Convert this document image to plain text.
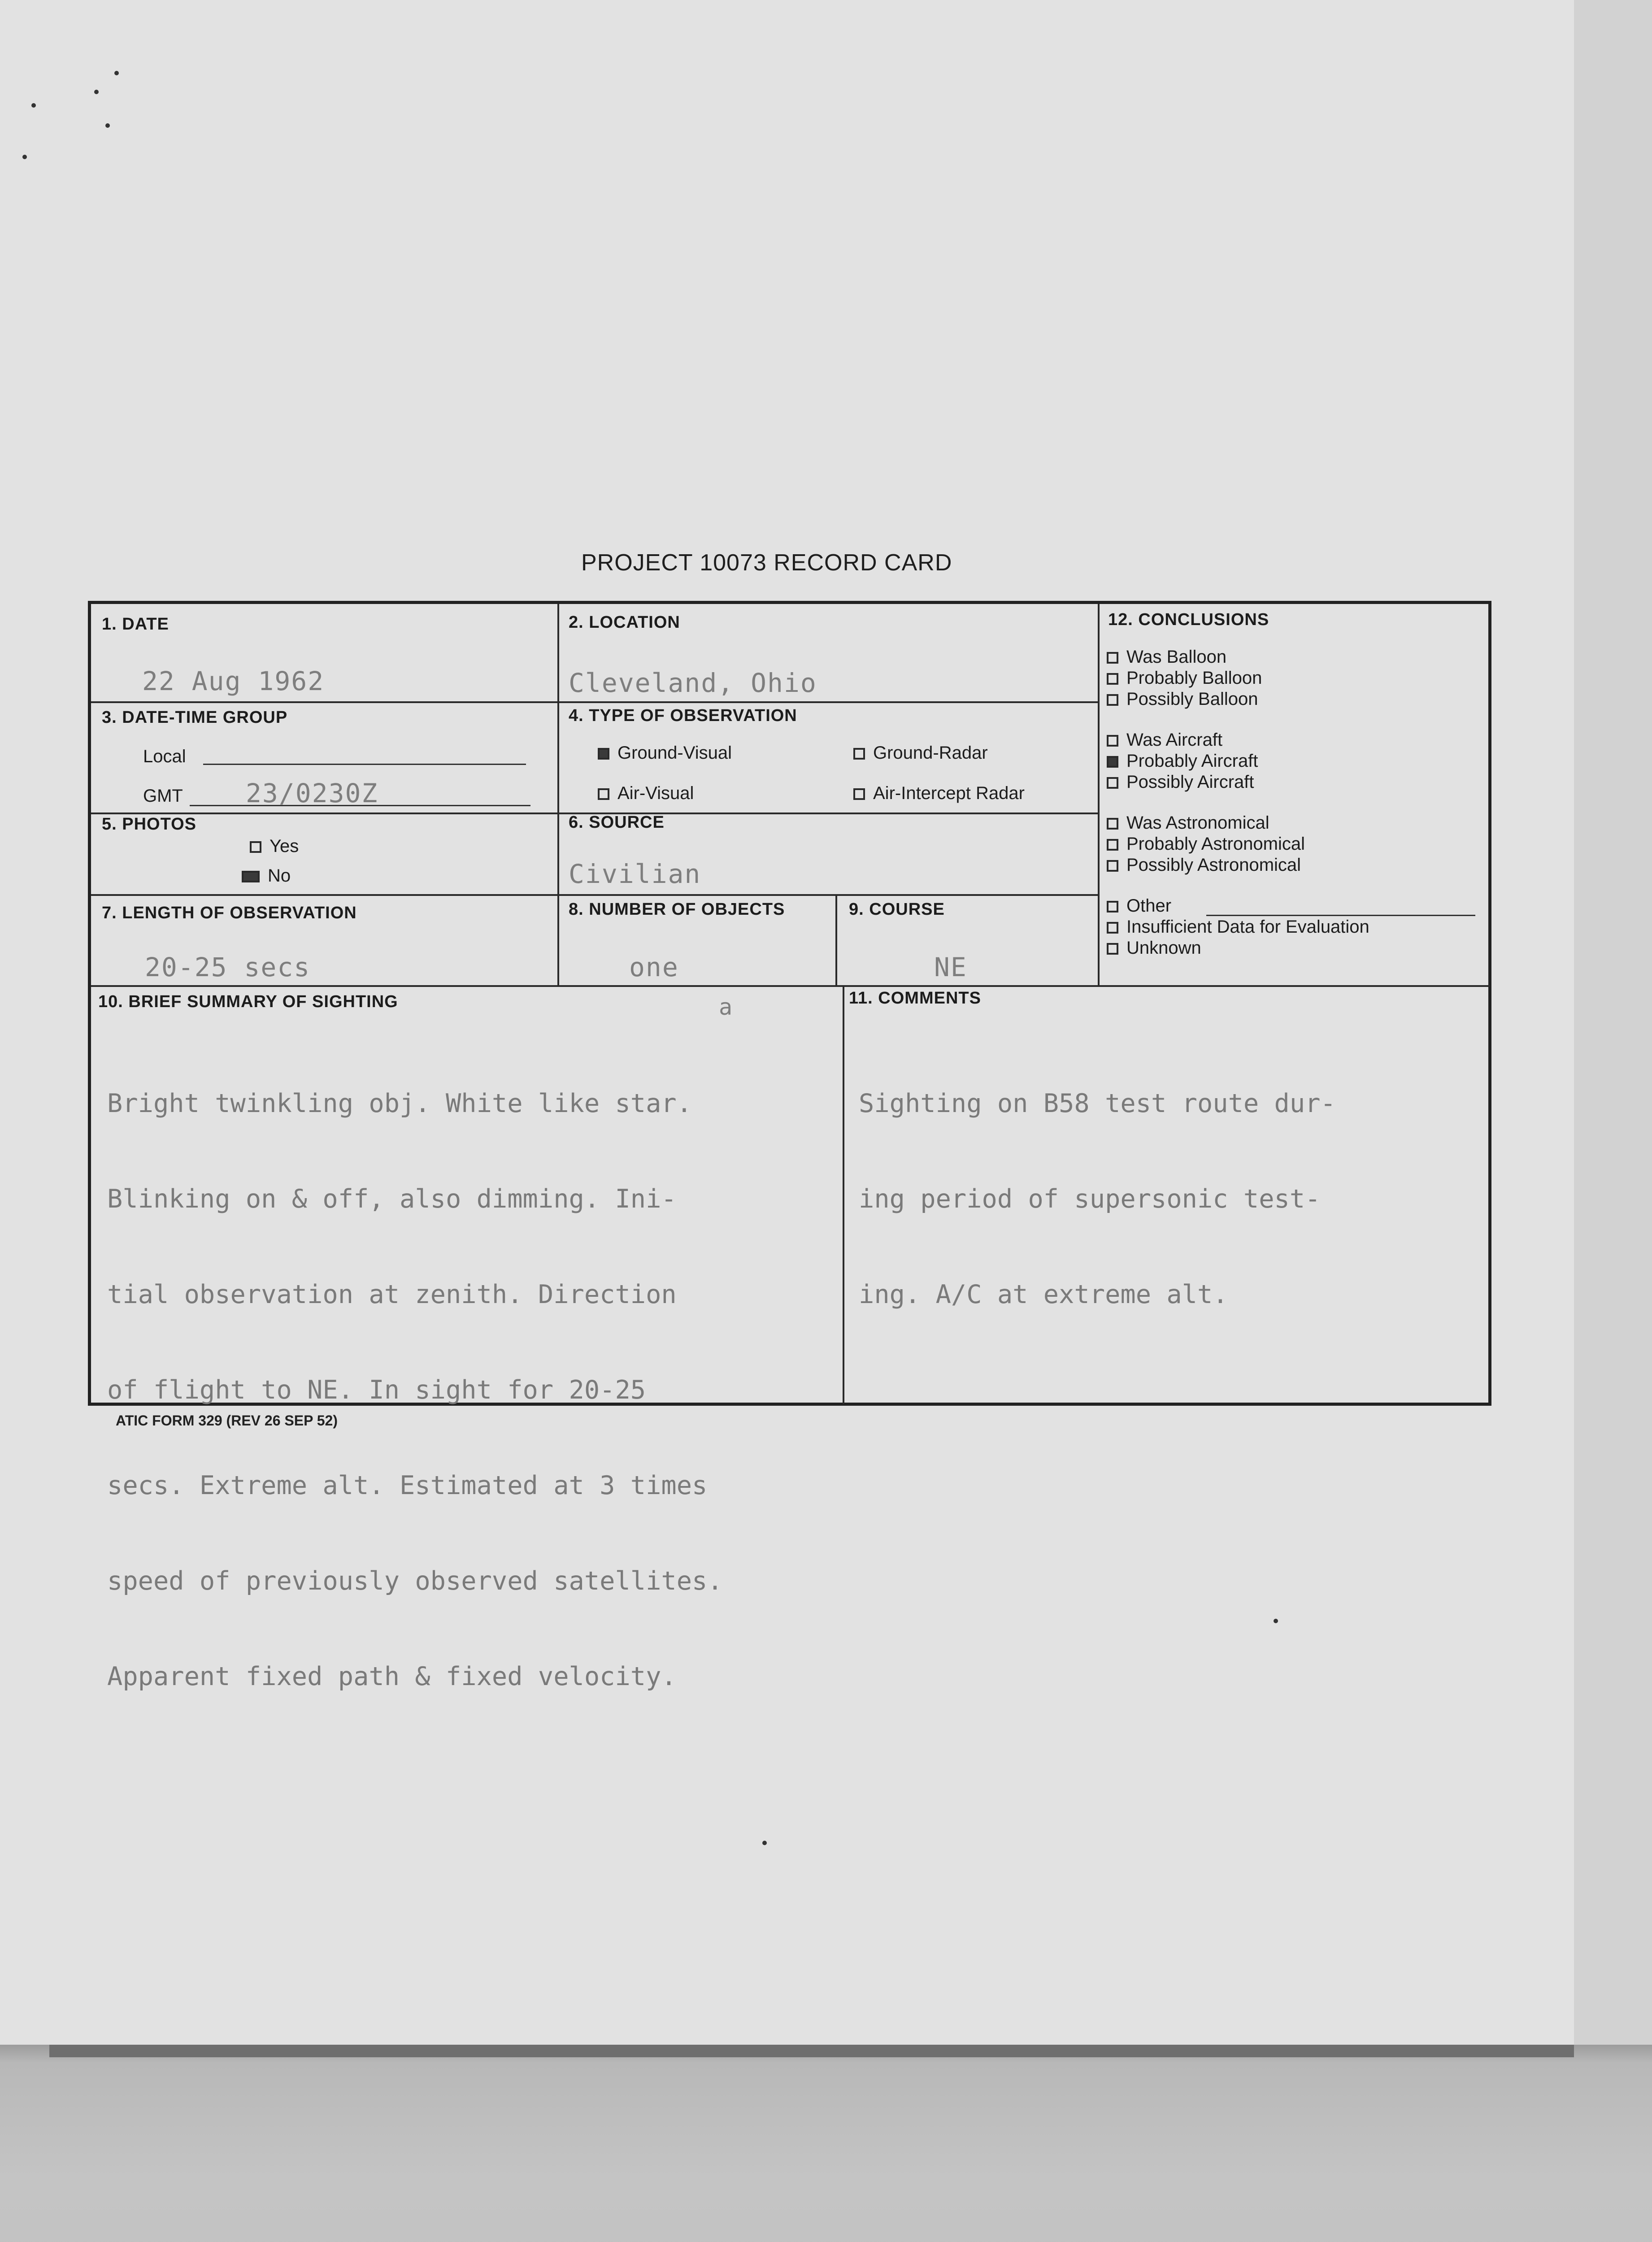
PROJECT 10073 RECORD CARD
1. DATE
22 Aug 1962
2. LOCATION
Cleveland, Ohio
3. DATE-TIME GROUP
Local
GMT 23/0230Z
4. TYPE OF OBSERVATION
Ground-Visual	Ground-Radar
Air-Visual	Air-Intercept Radar
5. PHOTOS
Yes
No
6. SOURCE
Civilian
7. LENGTH OF OBSERVATION
20-25 secs
8. NUMBER OF OBJECTS
one
9. COURSE
NE
10. BRIEF SUMMARY OF SIGHTING	a

Bright twinkling obj. White like star.

Blinking on & off, also dimming. Ini-

tial observation at zenith. Direction

of flight to NE. In sight for 20-25

secs. Extreme alt. Estimated at 3 times

speed of previously observed satellites.

Apparent fixed path & fixed velocity.

11. COMMENTS

Sighting on B58 test route dur-

ing period of supersonic test-

ing. A/C at extreme alt.

12. CONCLUSIONS
Was Balloon
Probably Balloon
Possibly Balloon
Was Aircraft
Probably Aircraft
Possibly Aircraft
Was Astronomical
Probably Astronomical
Possibly Astronomical
Other
Insufficient Data for Evaluation
Unknown
ATIC FORM 329 (REV 26 SEP 52)
